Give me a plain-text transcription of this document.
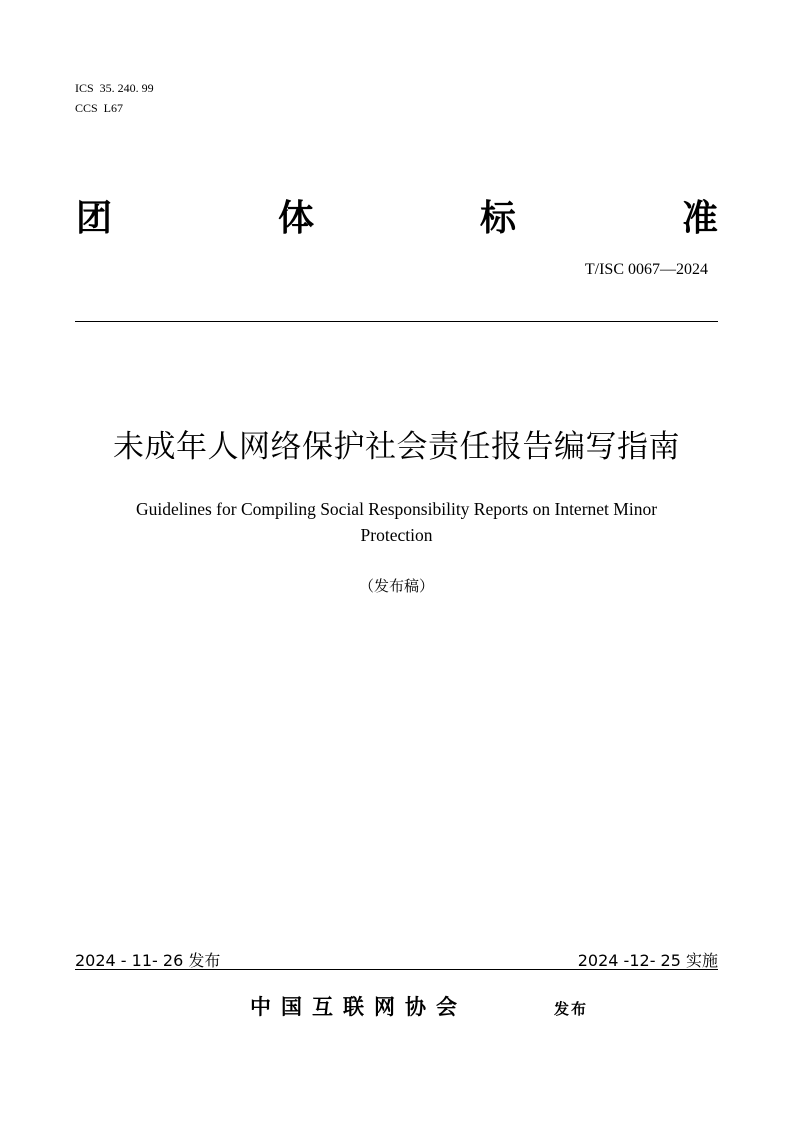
ICS  35. 240. 99
CCS  L67
团	体	标	准
T/ISC 0067—2024
未成年人网络保护社会责任报告编写指南
Guidelines for Compiling Social Responsibility Reports on Internet Minor
Protection
（发布稿）
2024 - 11- 26 发布	2024 -12- 25 实施
中国互联网协会	发布
